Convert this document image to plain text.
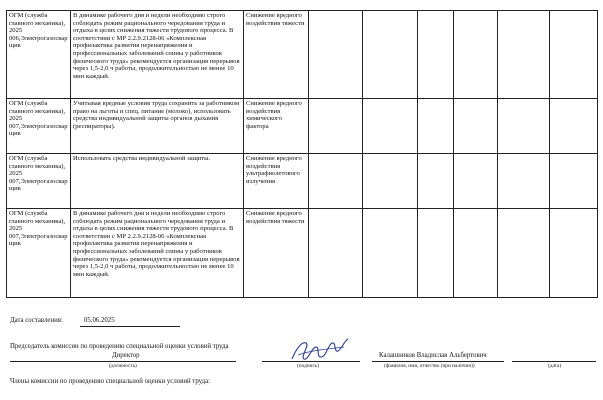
ОГМ (служба главного механика), 2025 006,Электрогазосварщик	В динамике рабочего дня и недели необходимо строго соблюдать режим рационального чередования труда и отдыха в целях снижения тяжести трудового процесса. В соответствии с МР 2.2.9.2128-06 «Комплексная профилактика развития перенапряжения и профессиональных заболеваний спины у работников физического труда» рекомендуется организация перерывов через 1,5-2,0 ч работы, продолжительностью не менее 10 мин каждый.	Снижение вредного воздействия тяжести						
ОГМ (служба главного механика), 2025 007,Электрогазосварщик	Учитывая вредные условия труда сохранить за работником право на льготы и спец. питание (молоко), использовать средства индивидуальной защиты органов дыхания (респираторы).	Снижение вредного воздействия химического фактора						
ОГМ (служба главного механика), 2025 007,Электрогазосварщик	Использовать средства индивидуальной защиты.	Снижение вредного воздействия ультрафиолетового излучения						
ОГМ (служба главного механика), 2025 007,Электрогазосварщик	В динамике рабочего дня и недели необходимо строго соблюдать режим рационального чередования труда и отдыха в целях снижения тяжести трудового процесса. В соответствии с МР 2.2.9.2128-06 «Комплексная профилактика развития перенапряжения и профессиональных заболеваний спины у работников физического труда» рекомендуется организация перерывов через 1,5-2,0 ч работы, продолжительностью не менее 10 мин каждый.	Снижение вредного воздействия тяжести						
Дата составления:	05.06.2025
Председатель комиссии по проведению специальной оценки условий труда
Директор
(должность)	(подпись)
Калашников Владислав Альбертович
(фамилия, имя, отчество (при наличии))	(дата)
Члены комиссии по проведению специальной оценки условий труда:
